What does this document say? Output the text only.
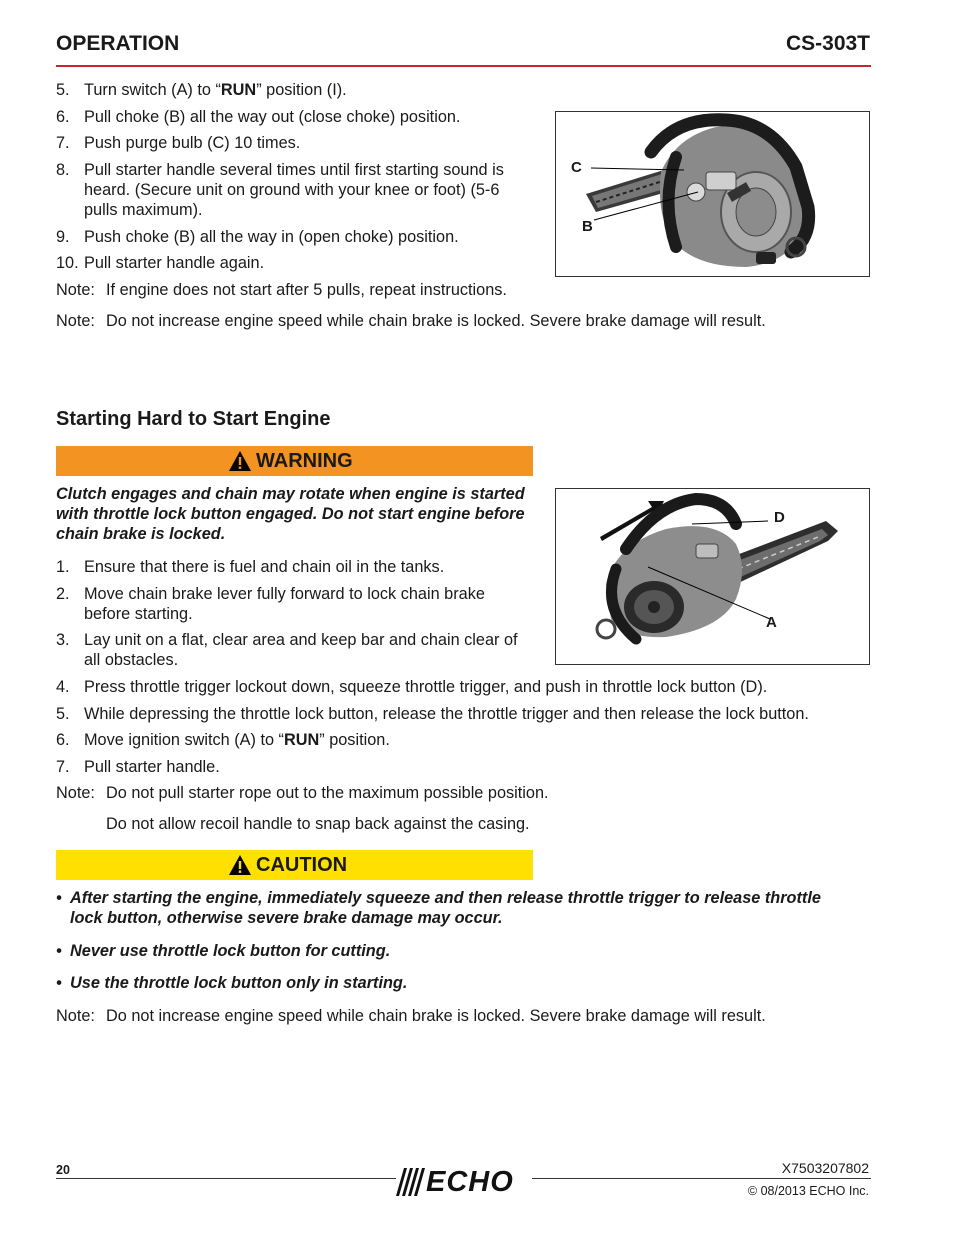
OPERATION	CS-303T
5. Turn switch (A) to “RUN” position (I).
6. Pull choke (B) all the way out (close choke) position.
7. Push purge bulb (C) 10 times.
8. Pull starter handle several times until first starting sound is
heard. (Secure unit on ground with your knee or foot) (5-6
pulls maximum).
9. Push choke (B) all the way in (open choke) position.
10. Pull starter handle again.
Note: If engine does not start after 5 pulls, repeat instructions.
Note: Do not increase engine speed while chain brake is locked. Severe brake damage will result.
C
B
Starting Hard to Start Engine
WARNING
Clutch engages and chain may rotate when engine is started
with throttle lock button engaged. Do not start engine before
chain brake is locked.
1. Ensure that there is fuel and chain oil in the tanks.
2. Move chain brake lever fully forward to lock chain brake
before starting.
3. Lay unit on a flat, clear area and keep bar and chain clear of
all obstacles.
4. Press throttle trigger lockout down, squeeze throttle trigger, and push in throttle lock button (D).
5. While depressing the throttle lock button, release the throttle trigger and then release the lock button.
6. Move ignition switch (A) to “RUN” position.
7. Pull starter handle.
Note: Do not pull starter rope out to the maximum possible position.
Do not allow recoil handle to snap back against the casing.
D
A
CAUTION
• After starting the engine, immediately squeeze and then release throttle trigger to release throttle
lock button, otherwise severe brake damage may occur.
• Never use throttle lock button for cutting.
• Use the throttle lock button only in starting.
Note: Do not increase engine speed while chain brake is locked. Severe brake damage will result.
20	X7503207802
ECHO	© 08/2013 ECHO Inc.
